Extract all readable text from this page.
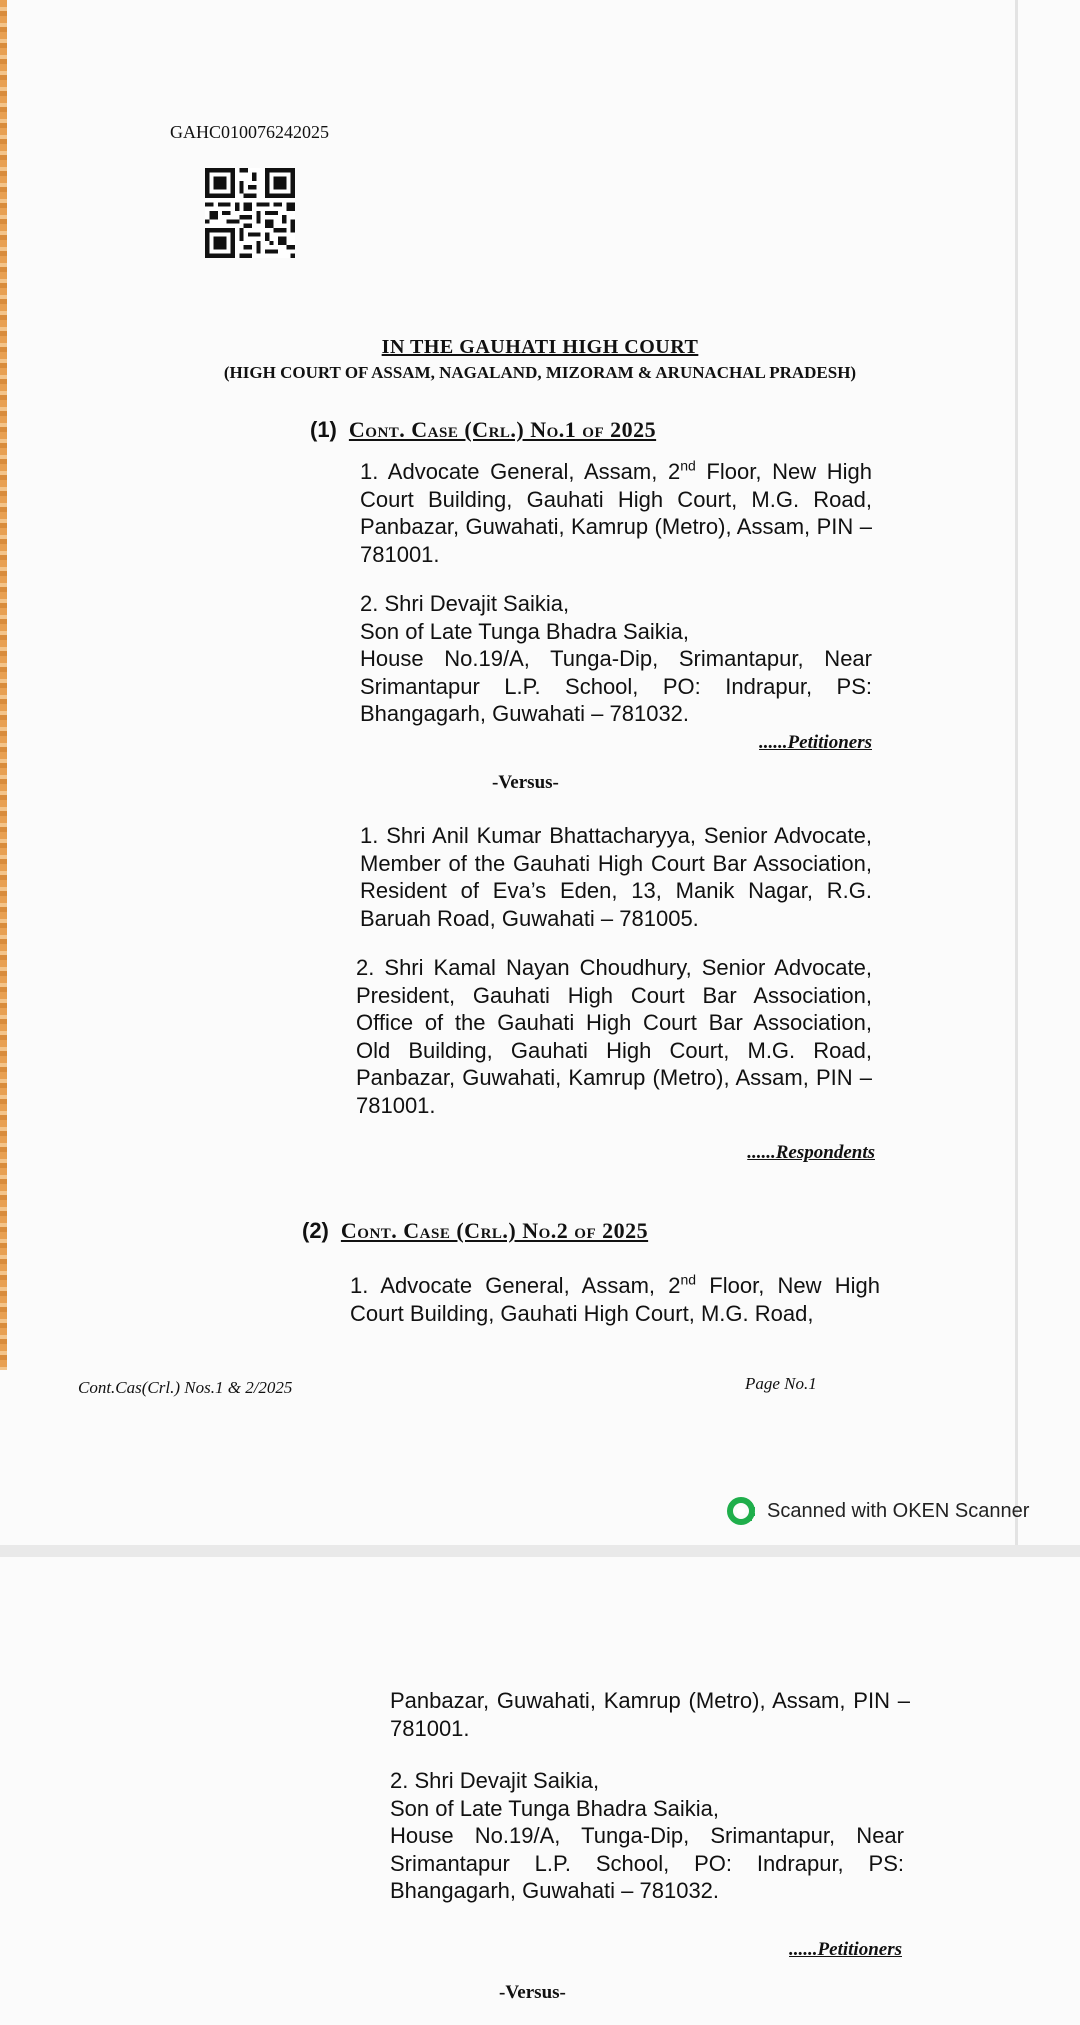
GAHC010076242025
IN THE GAUHATI HIGH COURT
(HIGH COURT OF ASSAM, NAGALAND, MIZORAM & ARUNACHAL PRADESH)
(1) Cont. Case (Crl.) No.1 of 2025

1. Advocate General, Assam, 2nd Floor, New High Court Building, Gauhati High Court, M.G. Road, Panbazar, Guwahati, Kamrup (Metro), Assam, PIN – 781001.

2. Shri Devajit Saikia,

Son of Late Tunga Bhadra Saikia,

House No.19/A, Tunga-Dip, Srimantapur, Near Srimantapur L.P. School, PO: Indrapur, PS: Bhangagarh, Guwahati – 781032.

......Petitioners
-Versus-

1. Shri Anil Kumar Bhattacharyya, Senior Advocate, Member of the Gauhati High Court Bar Association, Resident of Eva’s Eden, 13, Manik Nagar, R.G. Baruah Road, Guwahati – 781005.

2. Shri Kamal Nayan Choudhury, Senior Advocate, President, Gauhati High Court Bar Association, Office of the Gauhati High Court Bar Association, Old Building, Gauhati High Court, M.G. Road, Panbazar, Guwahati, Kamrup (Metro), Assam, PIN – 781001.

......Respondents
(2) Cont. Case (Crl.) No.2 of 2025

1. Advocate General, Assam, 2nd Floor, New High Court Building, Gauhati High Court, M.G. Road,

Cont.Cas(Crl.) Nos.1 & 2/2025	Page No.1
Scanned with OKEN Scanner

Panbazar, Guwahati, Kamrup (Metro), Assam, PIN – 781001.

2. Shri Devajit Saikia,

Son of Late Tunga Bhadra Saikia,

House No.19/A, Tunga-Dip, Srimantapur, Near Srimantapur L.P. School, PO: Indrapur, PS: Bhangagarh, Guwahati – 781032.

......Petitioners
-Versus-
